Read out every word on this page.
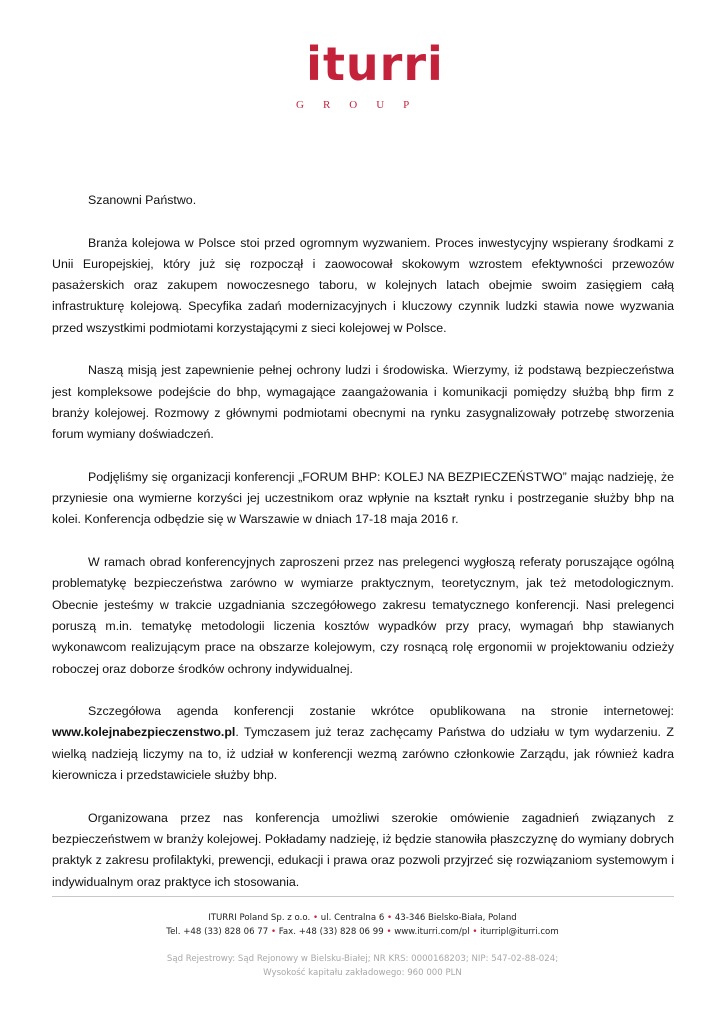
iturri
GROUP

Szanowni Państwo.

Branża kolejowa w Polsce stoi przed ogromnym wyzwaniem. Proces inwestycyjny wspierany środkami z Unii Europejskiej, który już się rozpoczął i zaowocował skokowym wzrostem efektywności przewozów pasażerskich oraz zakupem nowoczesnego taboru, w kolejnych latach obejmie swoim zasięgiem całą infrastrukturę kolejową. Specyfika zadań modernizacyjnych i kluczowy czynnik ludzki stawia nowe wyzwania przed wszystkimi podmiotami korzystającymi z sieci kolejowej w Polsce.

Naszą misją jest zapewnienie pełnej ochrony ludzi i środowiska. Wierzymy, iż podstawą bezpieczeństwa jest kompleksowe podejście do bhp, wymagające zaangażowania i komunikacji pomiędzy służbą bhp firm z branży kolejowej. Rozmowy z głównymi podmiotami obecnymi na rynku zasygnalizowały potrzebę stworzenia forum wymiany doświadczeń.

Podjęliśmy się organizacji konferencji „FORUM BHP: KOLEJ NA BEZPIECZEŃSTWO” mając nadzieję, że przyniesie ona wymierne korzyści jej uczestnikom oraz wpłynie na kształt rynku i postrzeganie służby bhp na kolei. Konferencja odbędzie się w Warszawie w dniach 17-18 maja 2016 r.

W ramach obrad konferencyjnych zaproszeni przez nas prelegenci wygłoszą referaty poruszające ogólną problematykę bezpieczeństwa zarówno w wymiarze praktycznym, teoretycznym, jak też metodologicznym. Obecnie jesteśmy w trakcie uzgadniania szczegółowego zakresu tematycznego konferencji. Nasi prelegenci poruszą m.in. tematykę metodologii liczenia kosztów wypadków przy pracy, wymagań bhp stawianych wykonawcom realizującym prace na obszarze kolejowym, czy rosnącą rolę ergonomii w projektowaniu odzieży roboczej oraz doborze środków ochrony indywidualnej.

Szczegółowa agenda konferencji zostanie wkrótce opublikowana na stronie internetowej: www.kolejnabezpieczenstwo.pl. Tymczasem już teraz zachęcamy Państwa do udziału w tym wydarzeniu. Z wielką nadzieją liczymy na to, iż udział w konferencji wezmą zarówno członkowie Zarządu, jak również kadra kierownicza i przedstawiciele służby bhp.

Organizowana przez nas konferencja umożliwi szerokie omówienie zagadnień związanych z bezpieczeństwem w branży kolejowej. Pokładamy nadzieję, iż będzie stanowiła płaszczyznę do wymiany dobrych praktyk z zakresu profilaktyki, prewencji, edukacji i prawa oraz pozwoli przyjrzeć się rozwiązaniom systemowym i indywidualnym oraz praktyce ich stosowania.

ITURRI Poland Sp. z o.o. • ul. Centralna 6 • 43-346 Bielsko-Biała, Poland
Tel. +48 (33) 828 06 77 • Fax. +48 (33) 828 06 99 • www.iturri.com/pl • iturripl@iturri.com
Sąd Rejestrowy: Sąd Rejonowy w Bielsku-Białej; NR KRS: 0000168203; NIP: 547-02-88-024;
Wysokość kapitału zakładowego: 960 000 PLN
